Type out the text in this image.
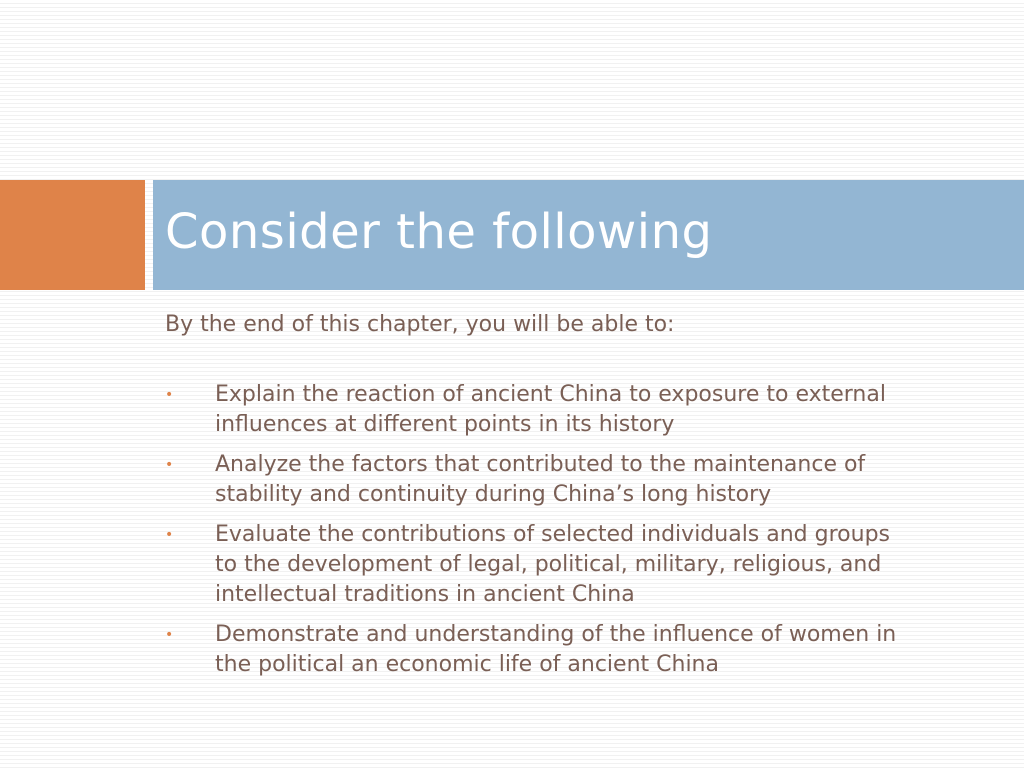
Consider the following

By the end of this chapter, you will be able to:

• Explain the reaction of ancient China to exposure to external influences at different points in its history
• Analyze the factors that contributed to the maintenance of stability and continuity during China’s long history
• Evaluate the contributions of selected individuals and groups to the development of legal, political, military, religious, and intellectual traditions in ancient China
• Demonstrate and understanding of the influence of women in the political an economic life of ancient China
